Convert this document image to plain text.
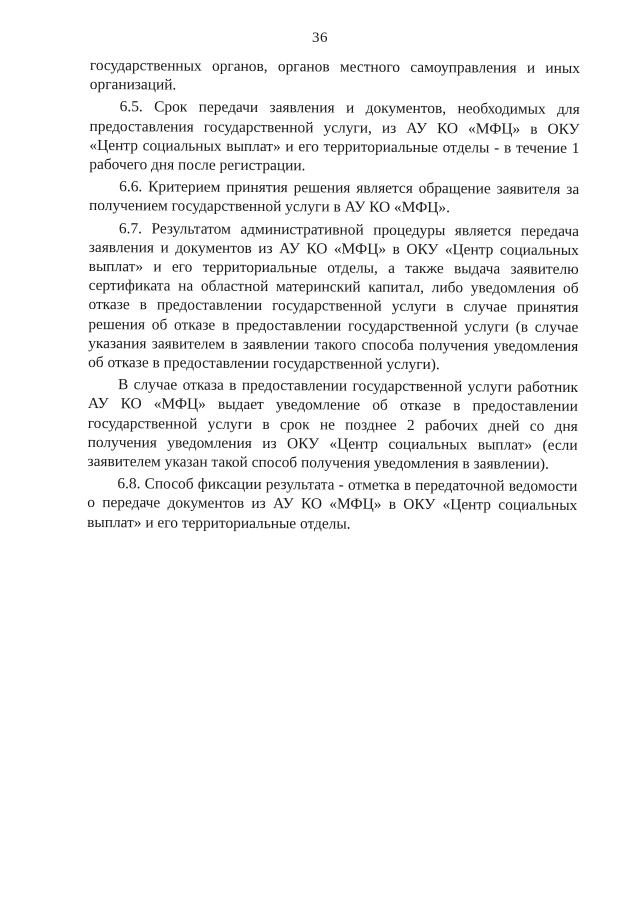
36

государственных органов, органов местного самоуправления и иных организаций.

6.5. Срок передачи заявления и документов, необходимых для предоставления государственной услуги, из АУ КО «МФЦ» в ОКУ «Центр социальных выплат» и его территориальные отделы - в течение 1 рабочего дня после регистрации.

6.6. Критерием принятия решения является обращение заявителя за получением государственной услуги в АУ КО «МФЦ».

6.7. Результатом административной процедуры является передача заявления и документов из АУ КО «МФЦ» в ОКУ «Центр социальных выплат» и его территориальные отделы, а также выдача заявителю сертификата на областной материнский капитал, либо уведомления об отказе в предоставлении государственной услуги в случае принятия решения об отказе в предоставлении государственной услуги (в случае указания заявителем в заявлении такого способа получения уведомления об отказе в предоставлении государственной услуги).

В случае отказа в предоставлении государственной услуги работник АУ КО «МФЦ» выдает уведомление об отказе в предоставлении государственной услуги в срок не позднее 2 рабочих дней со дня получения уведомления из ОКУ «Центр социальных выплат» (если заявителем указан такой способ получения уведомления в заявлении).

6.8. Способ фиксации результата - отметка в передаточной ведомости о передаче документов из АУ КО «МФЦ» в ОКУ «Центр социальных выплат» и его территориальные отделы.
